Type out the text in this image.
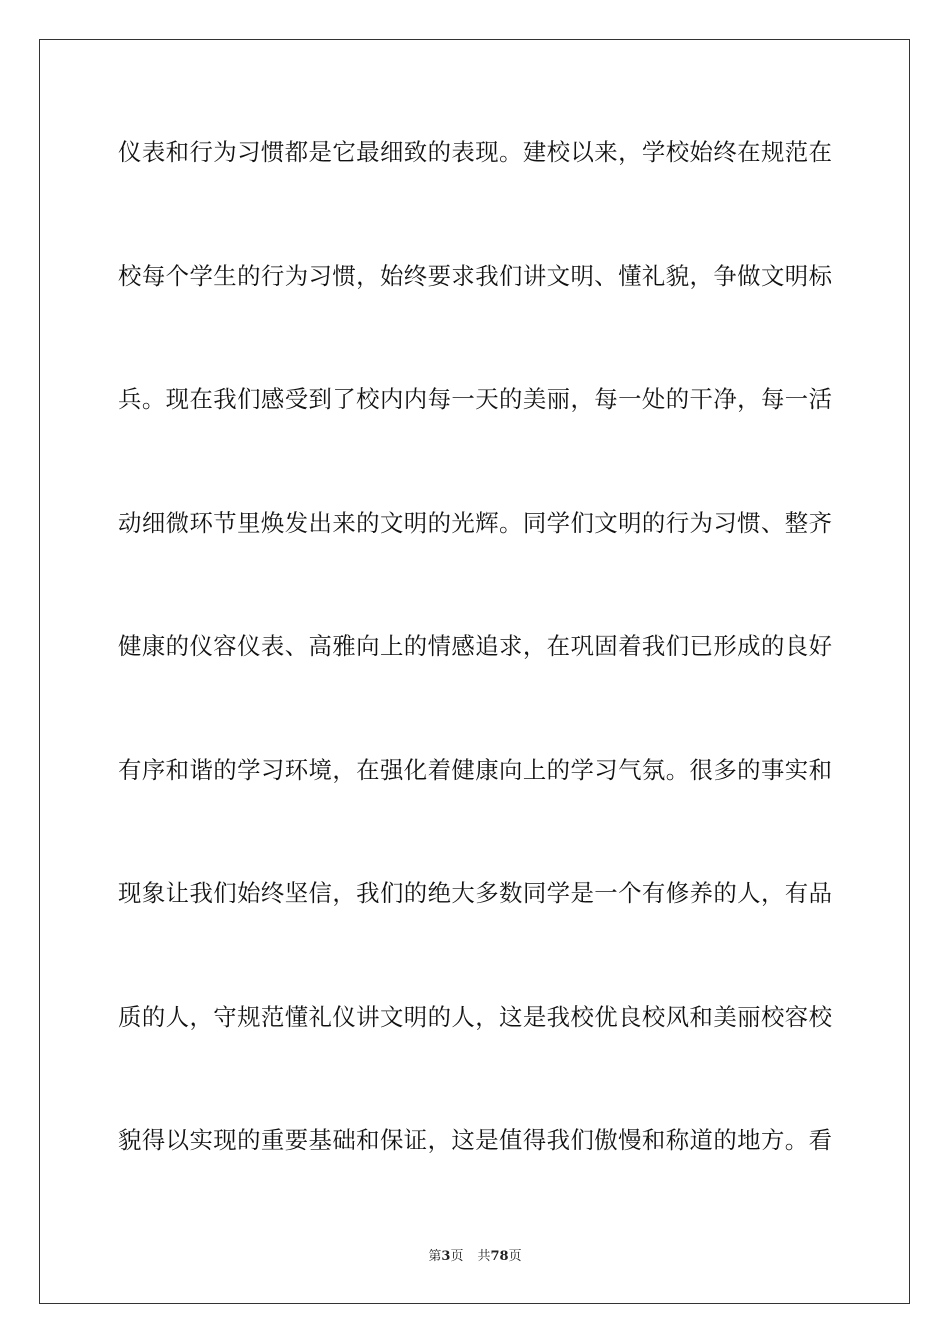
仪表和行为习惯都是它最细致的表现。建校以来，学校始终在规范在
校每个学生的行为习惯，始终要求我们讲文明、懂礼貌，争做文明标
兵。现在我们感受到了校内内每一天的美丽，每一处的干净，每一活
动细微环节里焕发出来的文明的光辉。同学们文明的行为习惯、整齐
健康的仪容仪表、高雅向上的情感追求，在巩固着我们已形成的良好
有序和谐的学习环境，在强化着健康向上的学习气氛。很多的事实和
现象让我们始终坚信，我们的绝大多数同学是一个有修养的人，有品
质的人，守规范懂礼仪讲文明的人，这是我校优良校风和美丽校容校
貌得以实现的重要基础和保证，这是值得我们傲慢和称道的地方。看
第3页 共78页
